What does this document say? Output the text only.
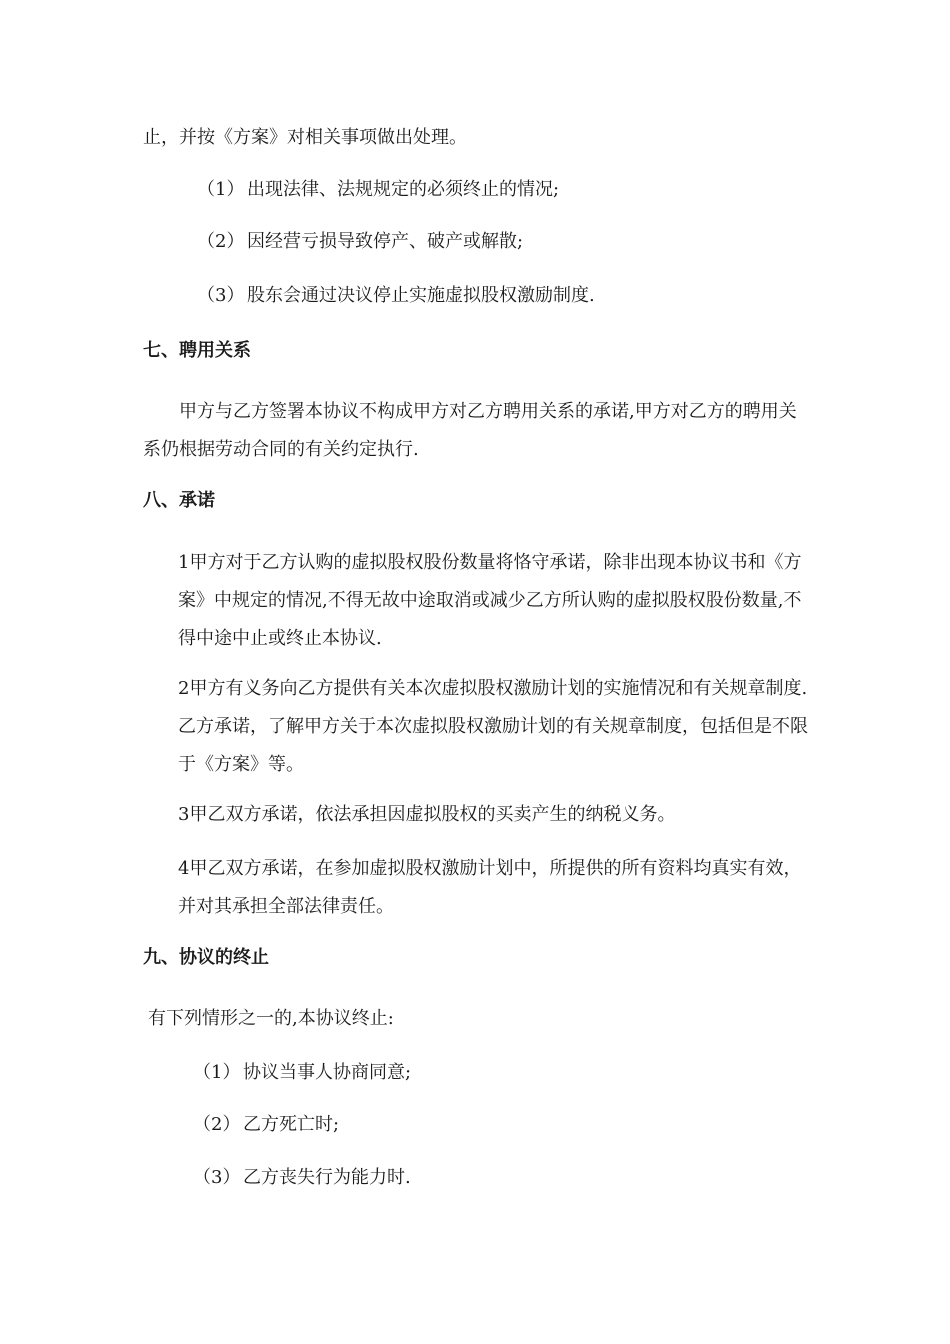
止，并按《方案》对相关事项做出处理。
（1） 出现法律、法规规定的必须终止的情况;
（2） 因经营亏损导致停产、破产或解散;
（3） 股东会通过决议停止实施虚拟股权激励制度.
七、聘用关系
甲方与乙方签署本协议不构成甲方对乙方聘用关系的承诺,甲方对乙方的聘用关系仍根据劳动合同的有关约定执行.
八、承诺
1甲方对于乙方认购的虚拟股权股份数量将恪守承诺，除非出现本协议书和《方案》中规定的情况,不得无故中途取消或减少乙方所认购的虚拟股权股份数量,不得中途中止或终止本协议.
2甲方有义务向乙方提供有关本次虚拟股权激励计划的实施情况和有关规章制度.乙方承诺，了解甲方关于本次虚拟股权激励计划的有关规章制度，包括但是不限于《方案》等。
3甲乙双方承诺，依法承担因虚拟股权的买卖产生的纳税义务。
4甲乙双方承诺，在参加虚拟股权激励计划中，所提供的所有资料均真实有效，并对其承担全部法律责任。
九、协议的终止
有下列情形之一的,本协议终止:
（1） 协议当事人协商同意;
（2） 乙方死亡时;
（3） 乙方丧失行为能力时.
